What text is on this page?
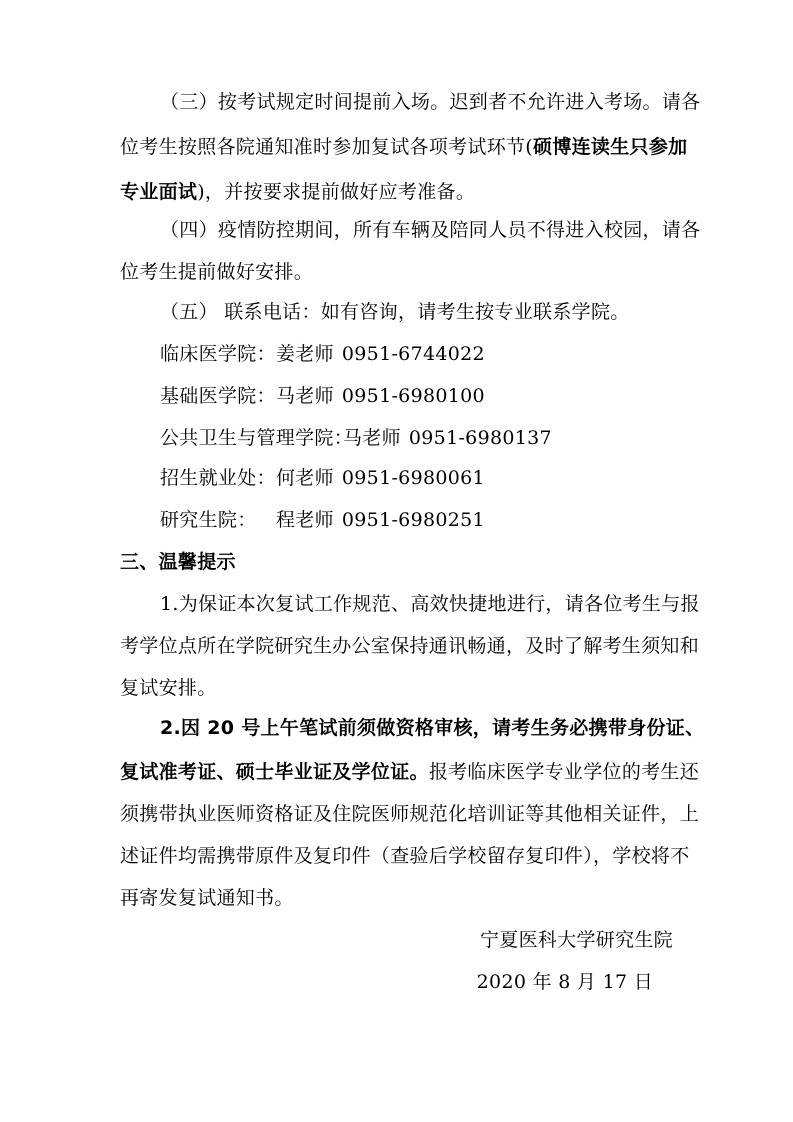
（三）按考试规定时间提前入场。迟到者不允许进入考场。请各
位考生按照各院通知准时参加复试各项考试环节(硕博连读生只参加
专业面试)，并按要求提前做好应考准备。
（四）疫情防控期间，所有车辆及陪同人员不得进入校园，请各
位考生提前做好安排。
（五） 联系电话：如有咨询，请考生按专业联系学院。
临床医学院： 姜老师 0951-6744022
基础医学院： 马老师 0951-6980100
公共卫生与管理学院：
马老师 0951-6980137
招生就业处： 何老师 0951-6980061
研究生院：	程老师 0951-6980251
三、温馨提示
1.为保证本次复试工作规范、高效快捷地进行，请各位考生与报
考学位点所在学院研究生办公室保持通讯畅通，及时了解考生须知和
复试安排。
2.因 20 号上午笔试前须做资格审核，请考生务必携带身份证、
复试准考证、硕士毕业证及学位证。报考临床医学专业学位的考生还
须携带执业医师资格证及住院医师规范化培训证等其他相关证件，上
述证件均需携带原件及复印件（查验后学校留存复印件），学校将不
再寄发复试通知书。
宁夏医科大学研究生院
2020 年 8 月 17 日
